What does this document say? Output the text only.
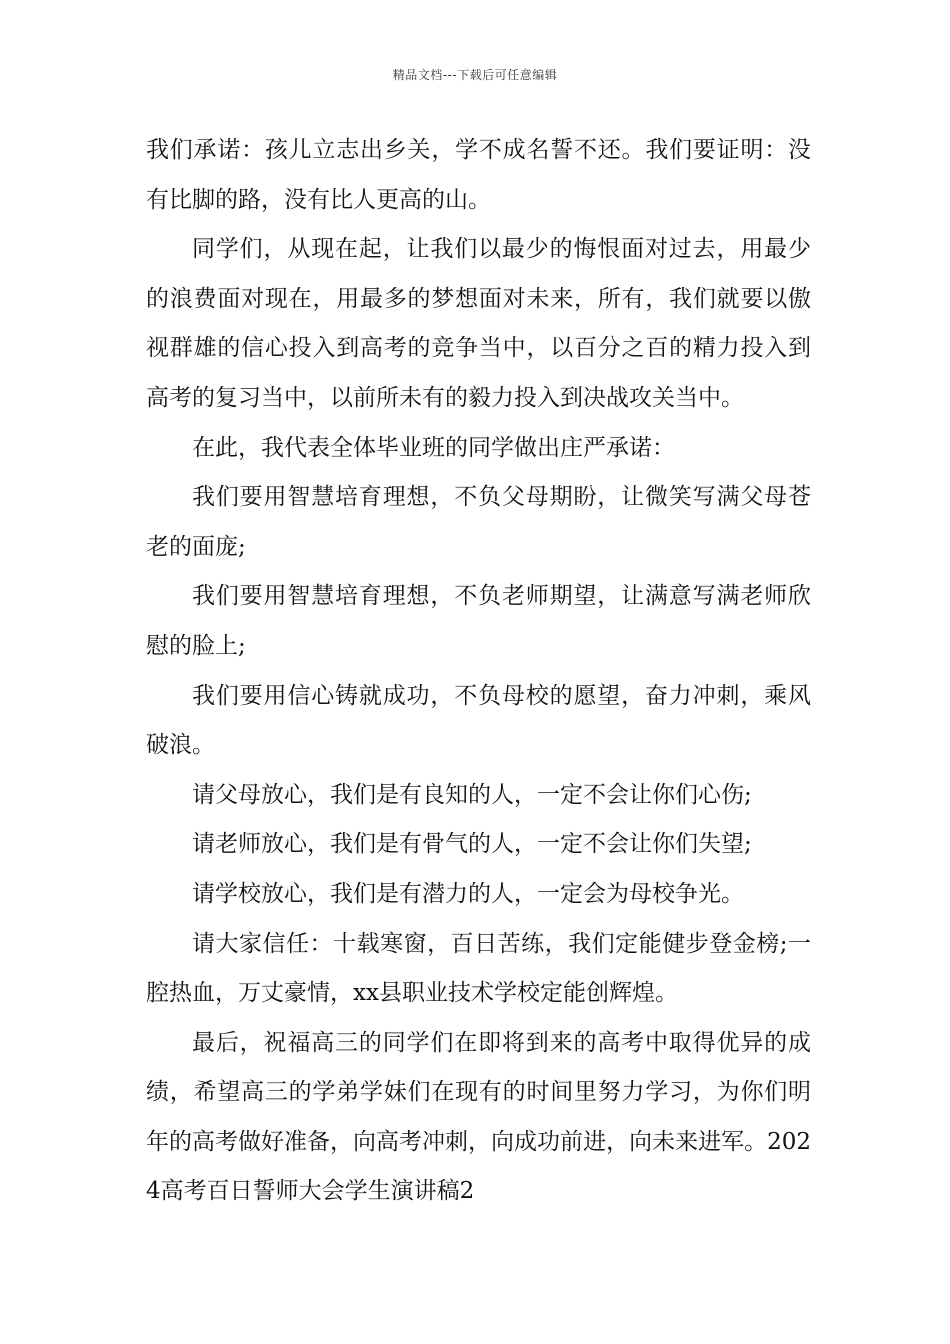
精品文档---下载后可任意编辑

我们承诺：孩儿立志出乡关，学不成名誓不还。我们要证明：没有比脚的路，没有比人更高的山。

同学们，从现在起，让我们以最少的悔恨面对过去，用最少的浪费面对现在，用最多的梦想面对未来，所有，我们就要以傲视群雄的信心投入到高考的竞争当中，以百分之百的精力投入到高考的复习当中，以前所未有的毅力投入到决战攻关当中。

在此，我代表全体毕业班的同学做出庄严承诺：

我们要用智慧培育理想，不负父母期盼，让微笑写满父母苍老的面庞;

我们要用智慧培育理想，不负老师期望，让满意写满老师欣慰的脸上;

我们要用信心铸就成功，不负母校的愿望，奋力冲刺，乘风破浪。

请父母放心，我们是有良知的人，一定不会让你们心伤;

请老师放心，我们是有骨气的人，一定不会让你们失望;

请学校放心，我们是有潜力的人，一定会为母校争光。

请大家信任：十载寒窗，百日苦练，我们定能健步登金榜;一腔热血，万丈豪情，xx县职业技术学校定能创辉煌。

最后，祝福高三的同学们在即将到来的高考中取得优异的成绩，希望高三的学弟学妹们在现有的时间里努力学习，为你们明年的高考做好准备，向高考冲刺，向成功前进，向未来进军。2024高考百日誓师大会学生演讲稿2
